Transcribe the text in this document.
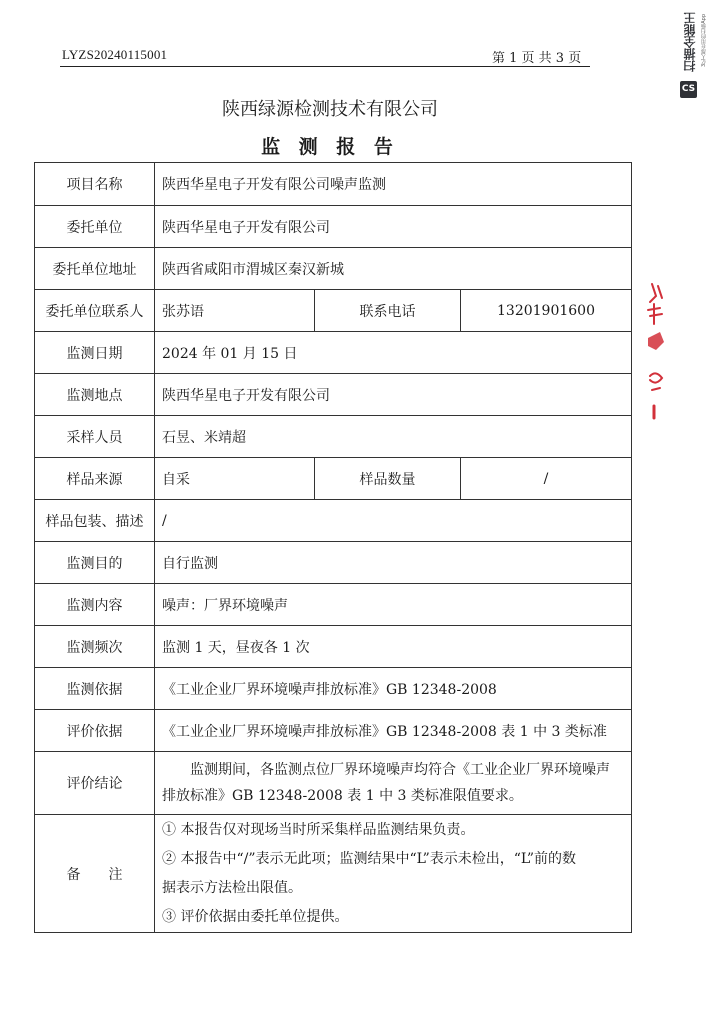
LYZS20240115001	第 1 页 共 3 页
陕西绿源检测技术有限公司
监 测 报 告
项目名称	陕西华星电子开发有限公司噪声监测		
委托单位	陕西华星电子开发有限公司		
委托单位地址	陕西省咸阳市渭城区秦汉新城		
委托单位联系人	张苏语	联系电话	13201901600
监测日期	2024 年 01 月 15 日		
监测地点	陕西华星电子开发有限公司		
采样人员	石昱、米靖超		
样品来源	自采	样品数量	/
样品包装、描述	/		
监测目的	自行监测		
监测内容	噪声：厂界环境噪声		
监测频次	监测 1 天，昼夜各 1 次		
监测依据	《工业企业厂界环境噪声排放标准》GB 12348-2008		
评价依据	《工业企业厂界环境噪声排放标准》GB 12348-2008 表 1 中 3 类标准		
评价结论	监测期间，各监测点位厂界环境噪声均符合《工业企业厂界环境噪声
排放标准》GB 12348-2008 表 1 中 3 类标准限值要求。		

备　　注	① 本报告仅对现场当时所采集样品监测结果负责。
② 本报告中“/”表示无此项；监测结果中“L”表示未检出，“L”前的数
据表示方法检出限值。
③ 评价依据由委托单位提供。		
扫描全能王 3亿人都在用的扫描App
CS
